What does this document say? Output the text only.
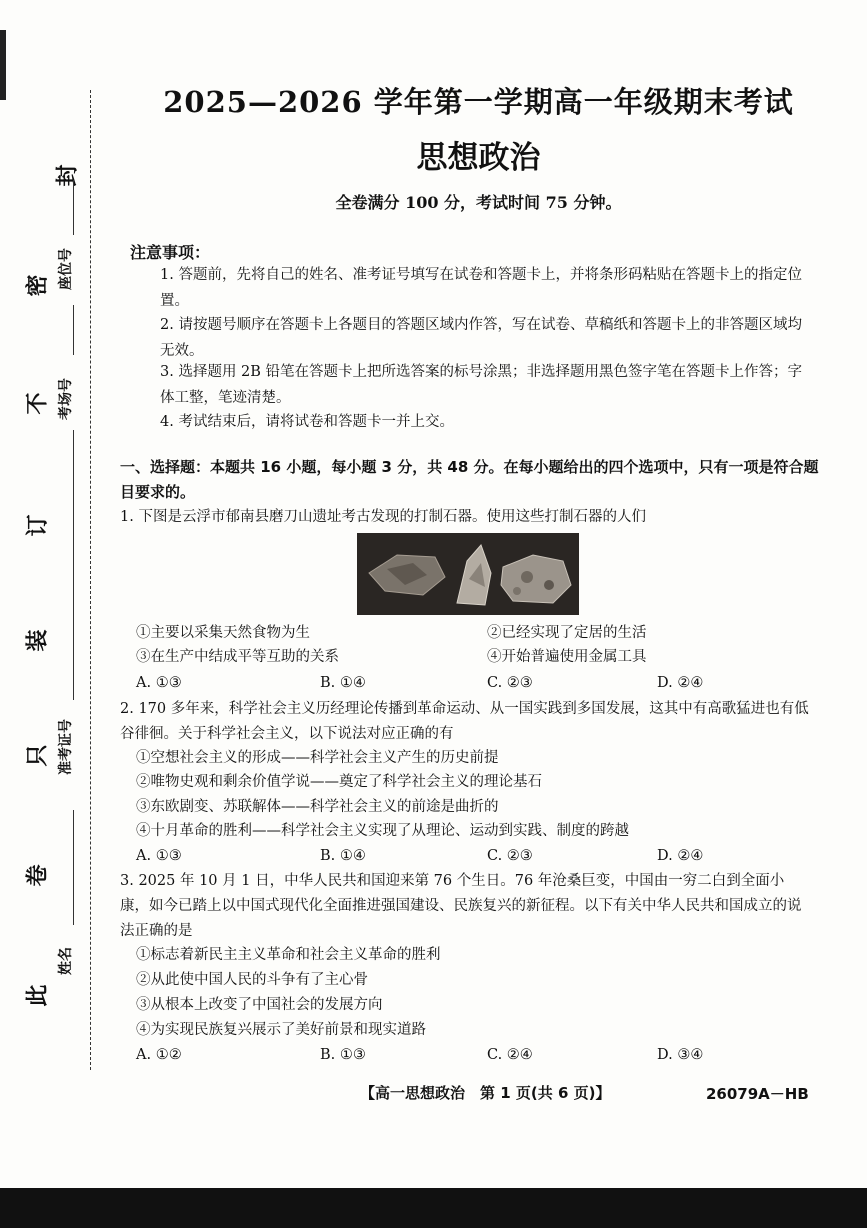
封
密
不
订
装
只
卷
此
座位号
考场号
准考证号
姓名
2025—2026 学年第一学期高一年级期末考试
思想政治
全卷满分 100 分，考试时间 75 分钟。
注意事项：
1. 答题前，先将自己的姓名、准考证号填写在试卷和答题卡上，并将条形码粘贴在答题卡上的指定位置。
2. 请按题号顺序在答题卡上各题目的答题区域内作答，写在试卷、草稿纸和答题卡上的非答题区域均无效。
3. 选择题用 2B 铅笔在答题卡上把所选答案的标号涂黑；非选择题用黑色签字笔在答题卡上作答；字体工整，笔迹清楚。
4. 考试结束后，请将试卷和答题卡一并上交。
一、选择题：本题共 16 小题，每小题 3 分，共 48 分。在每小题给出的四个选项中，只有一项是符合题目要求的。
1. 下图是云浮市郁南县磨刀山遗址考古发现的打制石器。使用这些打制石器的人们
①主要以采集天然食物为生	②已经实现了定居的生活
③在生产中结成平等互助的关系	④开始普遍使用金属工具
A. ①③	B. ①④	C. ②③	D. ②④
2. 170 多年来，科学社会主义历经理论传播到革命运动、从一国实践到多国发展，这其中有高歌猛进也有低谷徘徊。关于科学社会主义，以下说法对应正确的有
①空想社会主义的形成——科学社会主义产生的历史前提
②唯物史观和剩余价值学说——奠定了科学社会主义的理论基石
③东欧剧变、苏联解体——科学社会主义的前途是曲折的
④十月革命的胜利——科学社会主义实现了从理论、运动到实践、制度的跨越
A. ①③	B. ①④	C. ②③	D. ②④
3. 2025 年 10 月 1 日，中华人民共和国迎来第 76 个生日。76 年沧桑巨变，中国由一穷二白到全面小康，如今已踏上以中国式现代化全面推进强国建设、民族复兴的新征程。以下有关中华人民共和国成立的说法正确的是
①标志着新民主主义革命和社会主义革命的胜利
②从此使中国人民的斗争有了主心骨
③从根本上改变了中国社会的发展方向
④为实现民族复兴展示了美好前景和现实道路
A. ①②	B. ①③	C. ②④	D. ③④
【高一思想政治　第 1 页(共 6 页)】	26079A－HB
